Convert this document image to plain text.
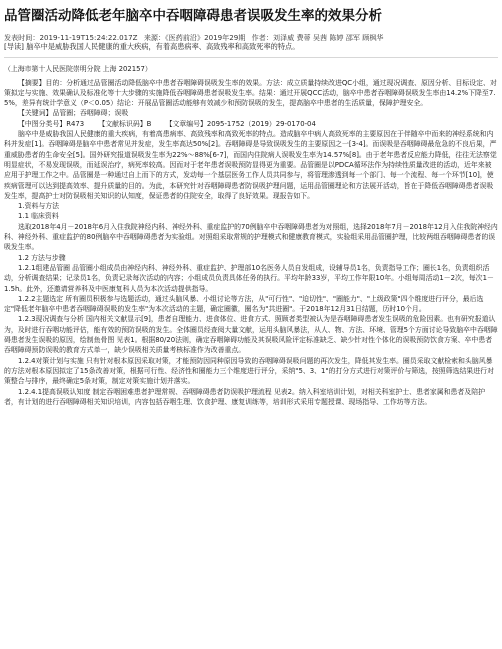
品管圈活动降低老年脑卒中吞咽障碍患者误吸发生率的效果分析

发表时间：2019-11-19T15:24:22.017Z 来源：《医药前沿》2019年29期 作者：刘泽威 费蒂 吴茜 陈婷 邵军 顾枫华

[导读] 脑卒中是威胁我国人民健康的重大疾病，有着高患病率、高致残率和高致死率的特点。

（上海市第十人民医院崇明分院 上海 202157）

【摘要】目的：分析通过品管圈活动降低脑卒中患者吞咽障碍误吸发生率的效果。方法：成立质量持续改进QC小组，通过现况调查、原因分析、目标设定、对策拟定与实施、效果确认及标准化等十大步骤的实施降低吞咽障碍患者误吸发生率。结果：通过开展QCC活动，脑卒中患者吞咽障碍误吸发生率由14.2%下降至7.5%，差异有统计学意义（P＜0.05）结论：开展品管圈活动能够有效减少和预防误吸的发生，提高脑卒中患者的生活质量，保障护理安全。

【关键词】品管圈；吞咽障碍；误吸

【中图分类号】R473 【文献标识码】B 【文章编号】2095-1752（2019）29-0170-04

脑卒中是威胁我国人民健康的重大疾病，有着高患病率、高致残率和高致死率的特点。造成脑卒中病人高致死率的主要原因在于伴随卒中而来的神经系统和内科并发症[1]。吞咽障碍是脑卒中患者常见并发症，发生率高达50%[2]。吞咽障碍是导致误吸发生的主要原因之一[3-4]。而误吸是吞咽障碍最危急的不良后果，严重威胁患者的生命安全[5]。国外研究报道误吸发生率为22%～88%[6-7]，而国内住院病人误吸发生率为14.57%[8]。由于老年患者反应能力降低，往往无法察觉明显症状，不易发现误吸，而延误治疗，病死率较高。因而对于老年患者误吸预防显得更为重要。品管圈是以PDCA循环法作为持续性质量改进的活动，近年来被应用于护理工作之中。品管圈是一种通过自上而下的方式，发动每一个基层医务工作人员共同参与，将管理渗透到每一个部门、每一个流程、每一个环节[10]，使疾病管理可以达到提高效率、提升质量的目的。为此，本研究针对吞咽障碍患者防误吸护理问题，运用品管圈理论和方法展开活动，旨在于降低吞咽障碍患者误吸发生率，提高护士对防误吸相关知识的认知度，保证患者的住院安全，取得了良好效果。现报告如下。

1.资料与方法

1.1 临床资料

选取2018年4月－2018年6月入住我院神经内科、神经外科、重症监护的70例脑卒中吞咽障碍患者为对照组，选择2018年7月－2018年12月入住我院神经内科、神经外科、重症监护的80例脑卒中吞咽障碍患者为实验组。对照组采取常规的护理模式和健康教育模式，实验组采用品管圈护理，比较两组吞咽障碍患者的误吸发生率。

1.2 方法与步骤

1.2.1组建品管圈 品管圈小组成员由神经内科、神经外科、重症监护、护理部10名医务人员自发组成，设辅导员1名，负责指导工作；圈长1名，负责组织活动，分析调查结果；记录员1名，负责记录每次活动的内容；小组成员负责具体任务的执行。平均年龄33岁，平均工作年限10年。小组每周活动1－2次，每次1－1.5h。此外，还邀请营养科及中医康复科人员为本次活动提供指导。

1.2.2主题选定 所有圈员积极参与选题活动，通过头脑风暴、小组讨论等方法，从"可行性"、"迫切性"、"圈能力"、"上级政策"四个维度进行评分，最后选定"降低老年脑卒中患者吞咽障碍误吸的发生率"为本次活动的主题，确定圈徽，圈名为"共进圈"。于2018年12月31日结题，历时10个月。

1.2.3现况调查与分析 国内相关文献显示[9]，患者自理能力、进食体位、进食方式、照顾者类型被认为是吞咽障碍患者发生误吸的危险因素。也有研究报道认为，及时进行吞咽功能评估，能有效的预防误吸的发生。全体圈员经查阅大量文献，运用头脑风暴法，从人、物、方法、环境、管理5个方面讨论导致脑卒中吞咽障碍患者发生误吸的原因，绘制鱼骨图 见表1。根据80/20法则，确定吞咽障碍功能及其误吸风险评定标准缺乏、缺少针对性个体化的误吸预防饮食方案、卒中患者吞咽障碍预防误吸的教育方式单一，缺少误吸相关质量考核标准作为改善重点。

1.2.4对策计划与实施 只有针对根本原因采取对策，才能预防因同种原因导致的吞咽障碍误吸问题的再次发生，降低其发生率。圈员采取文献检索和头脑风暴的方法对根本原因拟定了15条改善对策，根据可行性、经济性和圈能力三个维度进行评分，采纳"5、3、1"的打分方式进行对策评价与筛选，按照筛选结果进行对策整合与排序，最终确定5条对策，制定对策实施计划并落实。

1.2.4.1提高误吸认知度 制定吞咽困难患者护理常规、吞咽障碍患者防误吸护理流程 见表2。纳入科室培训计划，对相关科室护士、患者家属和患者及陪护者，有计划的进行吞咽障碍相关知识培训，内容包括吞咽生理、饮食护理、康复训练等，培训形式采用专题授课、现场指导、工作坊等方法。
